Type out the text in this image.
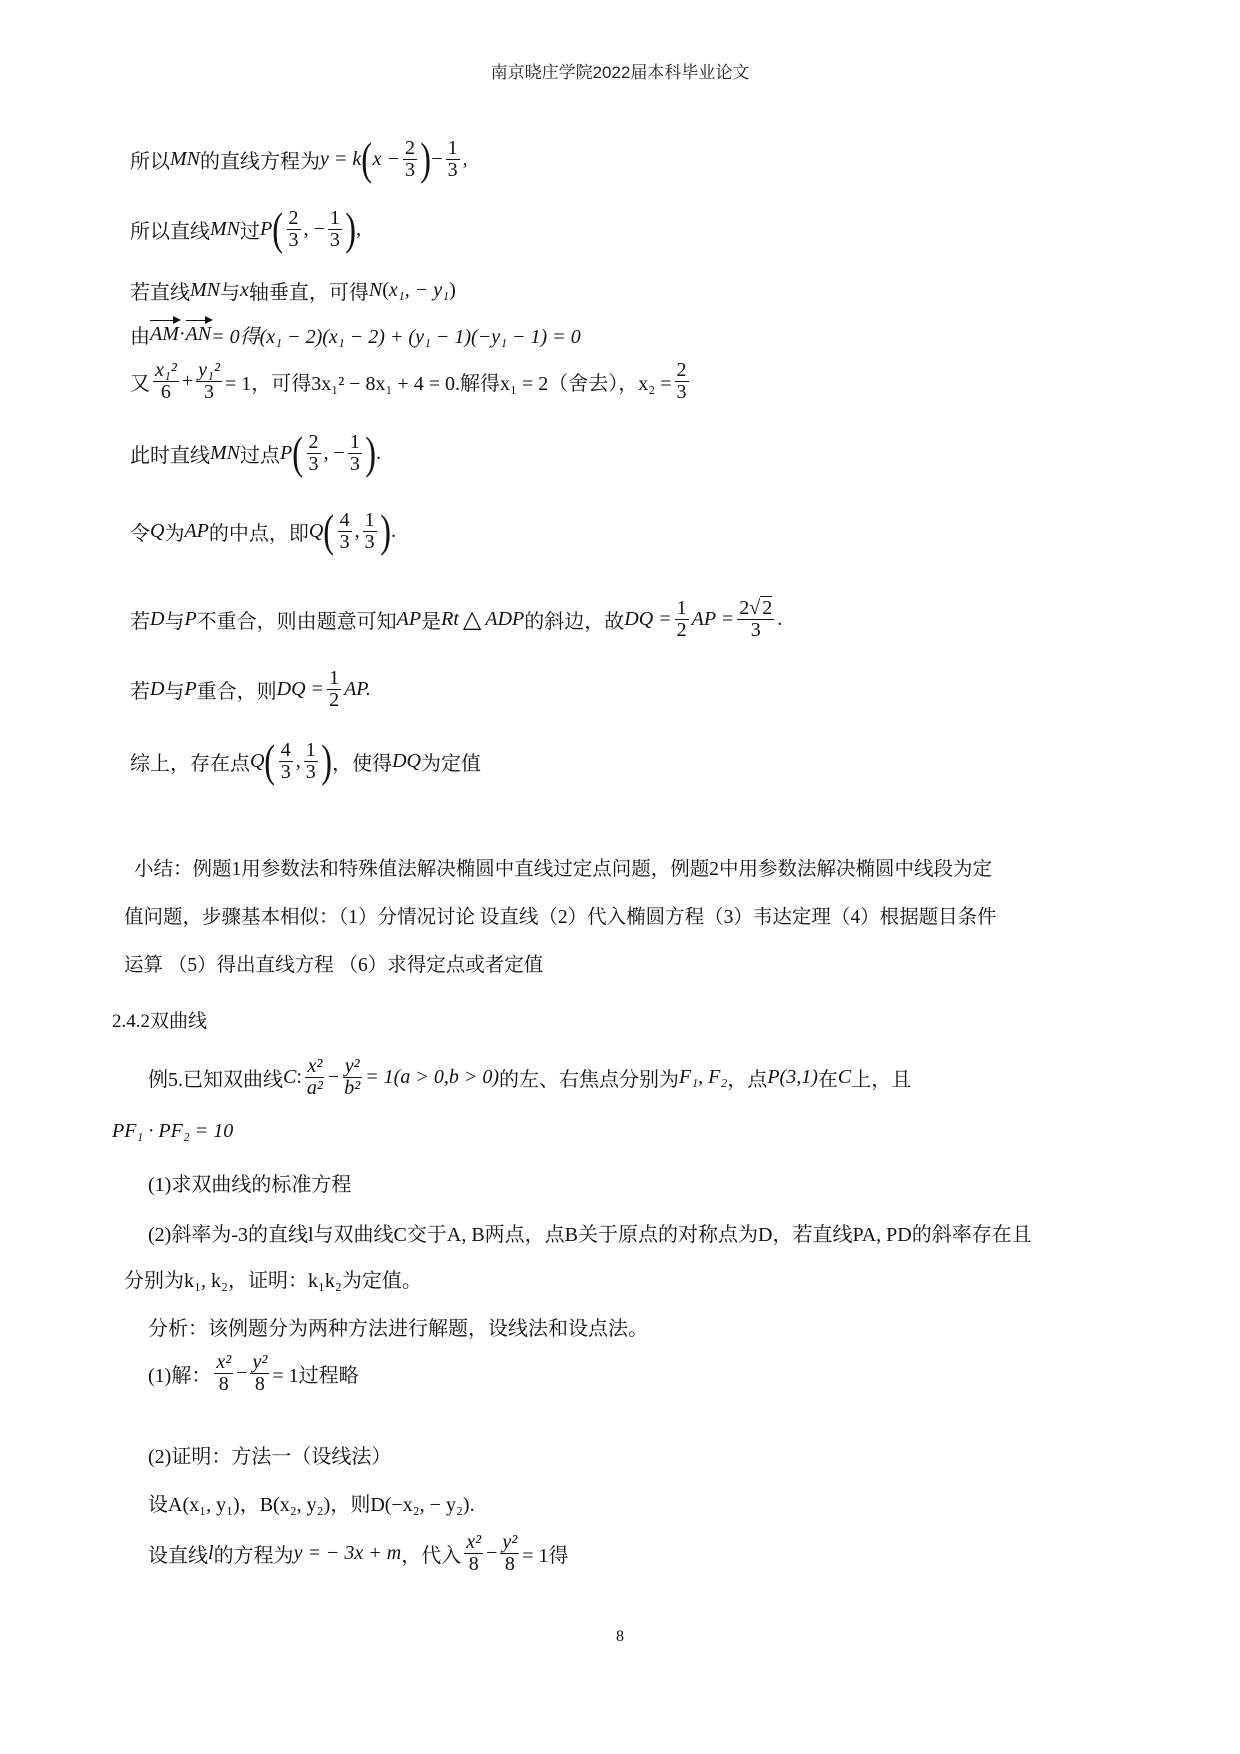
南京晓庄学院2022届本科毕业论文
所以 MN 的直线方程为 y = k ( $x - \frac{2}{3}$ ) − $\frac{1}{3}$ ,
所以直线 MN 过 P ( $\frac{2}{3}$ , − $\frac{1}{3}$ ) ,
若直线 MN 与 x 轴垂直，可得 N ( x₁, − y₁ )
由 AM · AN = 0得(x₁ − 2)(x₁ − 2) + (y₁ − 1)(−y₁ − 1) = 0
又 $\frac{\text{x₁²}}{6} + \frac{\text{y₁²}}{3} = 1$，可得3x₁² − 8x₁ + 4 = 0.解得x₁ = 2（舍去），$x_2 = \frac{2}{3}$
此时直线 MN 过点 P ( $\frac{2}{3}$ , − $\frac{1}{3}$ ) .
令 Q 为 AP 的中点，即 Q ( $\frac{4}{3}$ , $\frac{1}{3}$ ) .
若 D 与 P 不重合，则由题意可知 AP 是 Rt △ ADP 的斜边，故 DQ = $\frac{1}{2}$ AP = $\frac{2√ 2}{3}$ .
若 D 与 P 重合，则 DQ = $\frac{1}{2}$ AP.
综上，存在点 Q ( $\frac{4}{3}$ , $\frac{1}{3}$ ) ，使得 DQ 为定值
小结：例题1用参数法和特殊值法解决椭圆中直线过定点问题，例题2中用参数法解决椭圆中线段为定
值问题，步骤基本相似：（1）分情况讨论 设直线（2）代入椭圆方程（3）韦达定理（4）根据题目条件
运算 （5）得出直线方程 （6）求得定点或者定值
2.4.2双曲线
例5.已知双曲线 C : $\frac{\text{x²}}{\text{a²}} - \frac{\text{y²}}{\text{b²}} = 1(a > 0,b > 0)$ 的左、右焦点分别为 F₁, F₂ ，点 P(3,1) 在 C 上，且
PF₁ · PF₂ = 10
(1)求双曲线的标准方程
(2)斜率为-3的直线l与双曲线C交于A, B两点，点B关于原点的对称点为D，若直线PA, PD的斜率存在且
分别为k₁, k₂，证明：k₁k₂为定值。
分析：该例题分为两种方法进行解题，设线法和设点法。
(1)解： $\frac{\text{x²}}{8} - \frac{\text{y²}}{8} = 1$过程略
(2)证明：方法一（设线法）
设A(x₁, y₁)，B(x₂, y₂)，则D(−x₂, − y₂).
设直线 l 的方程为 y = − 3x + m ，代入 $\frac{\text{x²}}{8} - \frac{\text{y²}}{8} = 1$得
8
